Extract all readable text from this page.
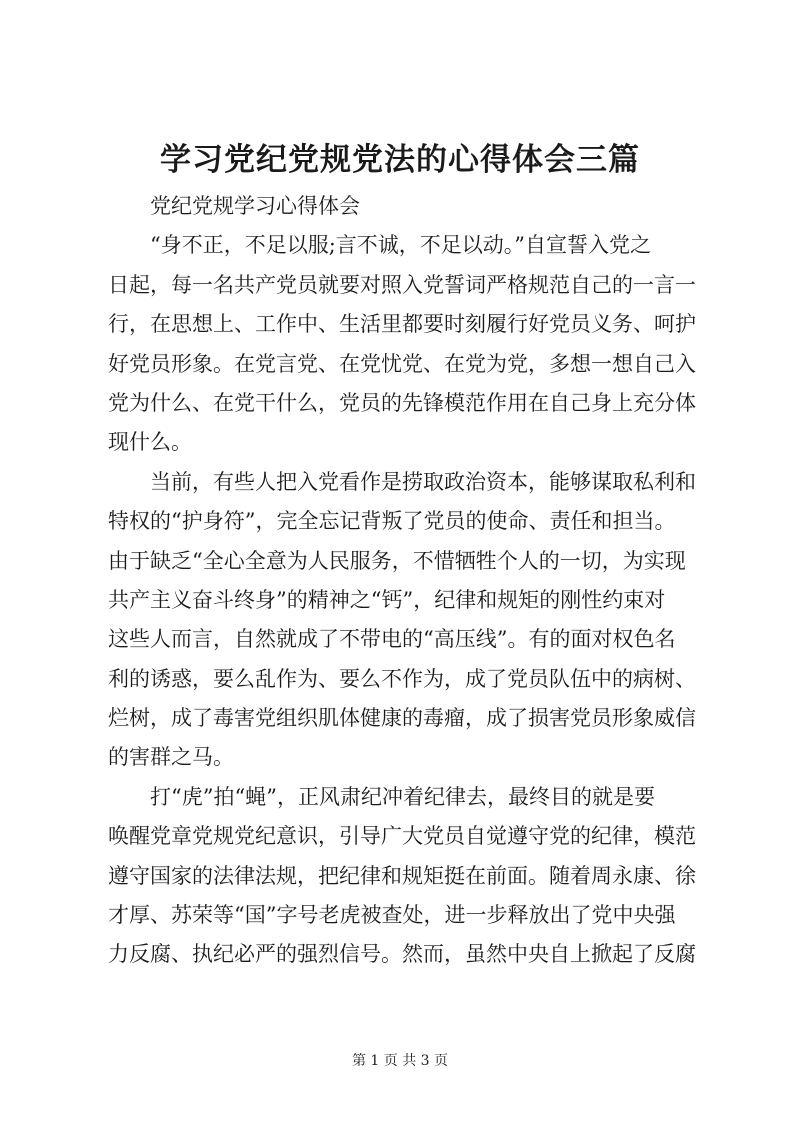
学习党纪党规党法的心得体会三篇
党纪党规学习心得体会
“身不正，不足以服;言不诚，不足以动。”自宣誓入党之
日起，每一名共产党员就要对照入党誓词严格规范自己的一言一
行，在思想上、工作中、生活里都要时刻履行好党员义务、呵护
好党员形象。在党言党、在党忧党、在党为党，多想一想自己入
党为什么、在党干什么，党员的先锋模范作用在自己身上充分体
现什么。
当前，有些人把入党看作是捞取政治资本，能够谋取私利和
特权的“护身符”，完全忘记背叛了党员的使命、责任和担当。
由于缺乏“全心全意为人民服务，不惜牺牲个人的一切，为实现
共产主义奋斗终身”的精神之“钙”，纪律和规矩的刚性约束对
这些人而言，自然就成了不带电的“高压线”。有的面对权色名
利的诱惑，要么乱作为、要么不作为，成了党员队伍中的病树、
烂树，成了毒害党组织肌体健康的毒瘤，成了损害党员形象威信
的害群之马。
打“虎”拍“蝇”，正风肃纪冲着纪律去，最终目的就是要
唤醒党章党规党纪意识，引导广大党员自觉遵守党的纪律，模范
遵守国家的法律法规，把纪律和规矩挺在前面。随着周永康、徐
才厚、苏荣等“国”字号老虎被查处，进一步释放出了党中央强
力反腐、执纪必严的强烈信号。然而，虽然中央自上掀起了反腐
第 1 页 共 3 页
